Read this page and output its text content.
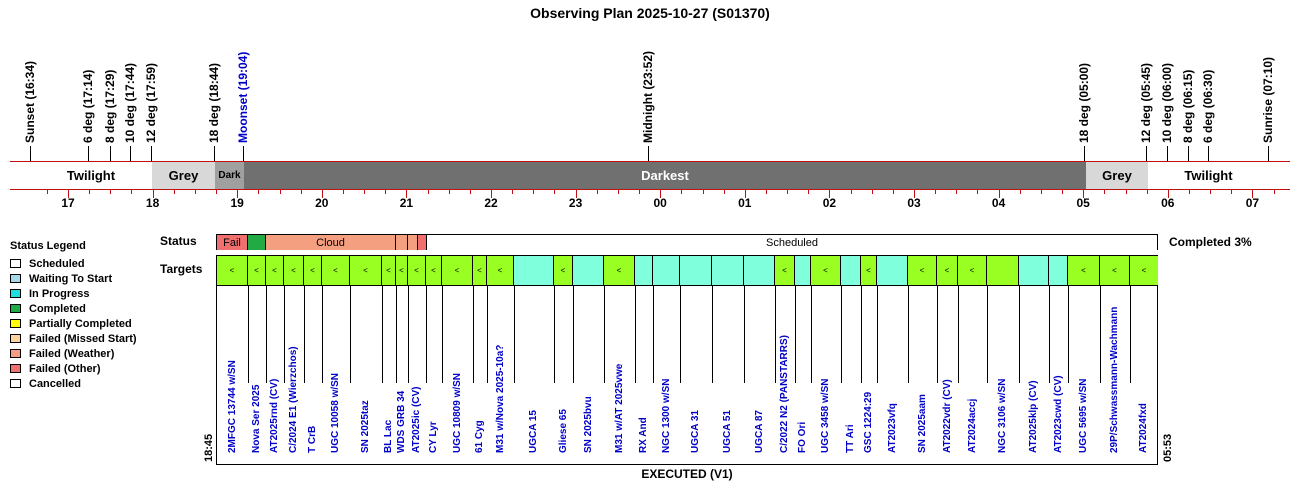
Observing Plan 2025-10-27 (S01370)
Sunset (16:34)	6 deg (17:14) 8 deg (17:29) 10 deg (17:44) 12 deg (17:59)	18 deg (18:44) Moonset (19:04)	Midnight (23:52)	18 deg (05:00)	12 deg (05:45) 10 deg (06:00) 8 deg (06:15) 6 deg (06:30)	Sunrise (07:10)
Twilight	Grey	Dark	Darkest	Grey	Twilight
17	18	19	20	21	22	23	00	01	02	03	04	05	06	07
Status Legend
Scheduled
Waiting To Start
In Progress
Completed
Partially Completed
Failed (Missed Start)
Failed (Weather)
Failed (Other)
Cancelled
Status
Targets
Completed 3%
Fail	Cloud	Scheduled
<
2MFGC 13744 w/SN
<
Nova Ser 2025
<
AT2025rnd (CV)
<
C/2024 E1 (Wierzchos)
<
T CrB
<
UGC 10058 w/SN
<
SN 2025taz
<
BL Lac
<
WDS GRB 34
<
AT2025ic (CV)
<
CY Lyr
<
UGC 10809 w/SN
<
61 Cyg
<
M31 w/Nova 2025-10a? UGCA 15
<
Gliese 65 SN 2025bvu
<
M31 w/AT 2025vwe RX And NGC 1300 w/SN UGCA 31 UGCA 51 UGCA 87
<
C/2022 N2 (PANSTARRS) FO Ori
<
UGC 3458 w/SN TT Ari
<
GSC 1224:29 AT2023vfq
<
SN 2025aam
<
AT2022vdr (CV)
<
AT2024accj NGC 3106 w/SN AT2025klp (CV) AT2023cwd (CV)
<
UGC 5695 w/SN
<
29P/Schwassmann-Wachmann
<
AT2024fxd
18:45	05:53
EXECUTED (V1)
